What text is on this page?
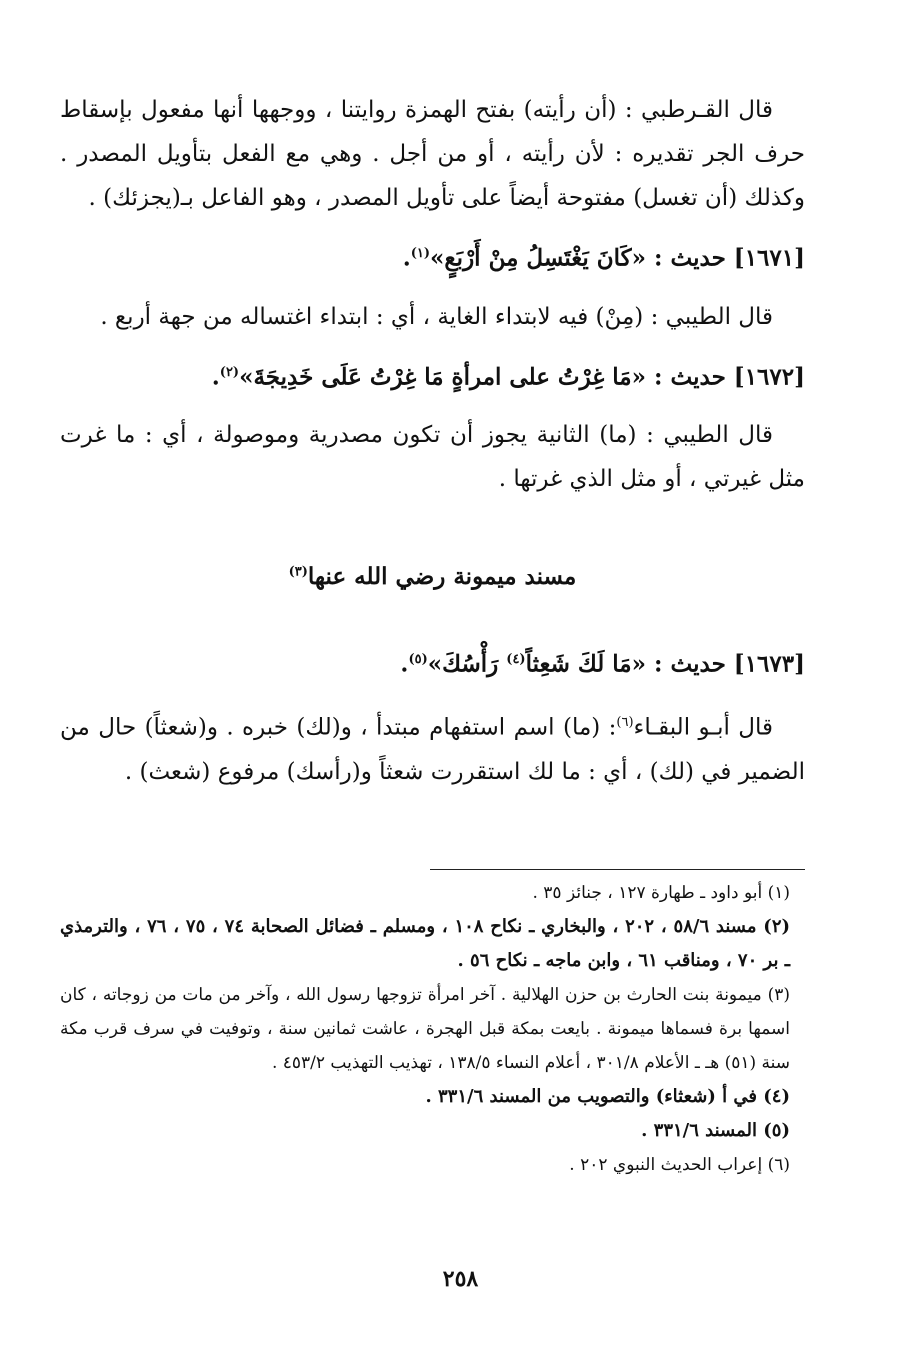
قال القـرطبي : (أن رأيته) بفتح الهمزة روايتنا ، ووجهها أنها مفعول بإسقاط حرف الجر تقديره : لأن رأيته ، أو من أجل . وهي مع الفعل بتأويل المصدر . وكذلك (أن تغسل) مفتوحة أيضاً على تأويل المصدر ، وهو الفاعل بـ(يجزئك) .

[١٦٧١] حديث : «كَانَ يَغْتَسِلُ مِنْ أَرْبَعٍ»$^{(١)}$.

قال الطيبي : (مِنْ) فيه لابتداء الغاية ، أي : ابتداء اغتساله من جهة أربع .

[١٦٧٢] حديث : «مَا غِرْتُ على امرأةٍ مَا غِرْتُ عَلَى خَدِيجَةَ»$^{(٢)}$.

قال الطيبي : (ما) الثانية يجوز أن تكون مصدرية وموصولة ، أي : ما غرت مثل غيرتي ، أو مثل الذي غرتها .

مسند ميمونة رضي الله عنها$^{(٣)}$

[١٦٧٣] حديث : «مَا لَكَ شَعِثاً$^{(٤)}$ رَأْسُكَ»$^{(٥)}$.

قال أبـو البقـاء$^{(٦)}$: (ما) اسم استفهام مبتدأ ، و(لك) خبره . و(شعثاً) حال من الضمير في (لك) ، أي : ما لك استقررت شعثاً و(رأسك) مرفوع (شعث) .

(١) أبو داود ـ طهارة ١٢٧ ، جنائز ٣٥ .

(٢) مسند ٥٨/٦ ، ٢٠٢ ، والبخاري ـ نكاح ١٠٨ ، ومسلم ـ فضائل الصحابة ٧٤ ، ٧٥ ، ٧٦ ، والترمذي ـ بر ٧٠ ، ومناقب ٦١ ، وابن ماجه ـ نكاح ٥٦ .

(٣) ميمونة بنت الحارث بن حزن الهلالية . آخر امرأة تزوجها رسول الله ، وآخر من مات من زوجاته ، كان اسمها برة فسماها ميمونة . بايعت بمكة قبل الهجرة ، عاشت ثمانين سنة ، وتوفيت في سرف قرب مكة سنة (٥١) هـ ـ الأعلام ٣٠١/٨ ، أعلام النساء ١٣٨/٥ ، تهذيب التهذيب ٤٥٣/٢ .

(٤) في أ (شعثاء) والتصويب من المسند ٣٣١/٦ .

(٥) المسند ٣٣١/٦ .

(٦) إعراب الحديث النبوي ٢٠٢ .

٢٥٨
